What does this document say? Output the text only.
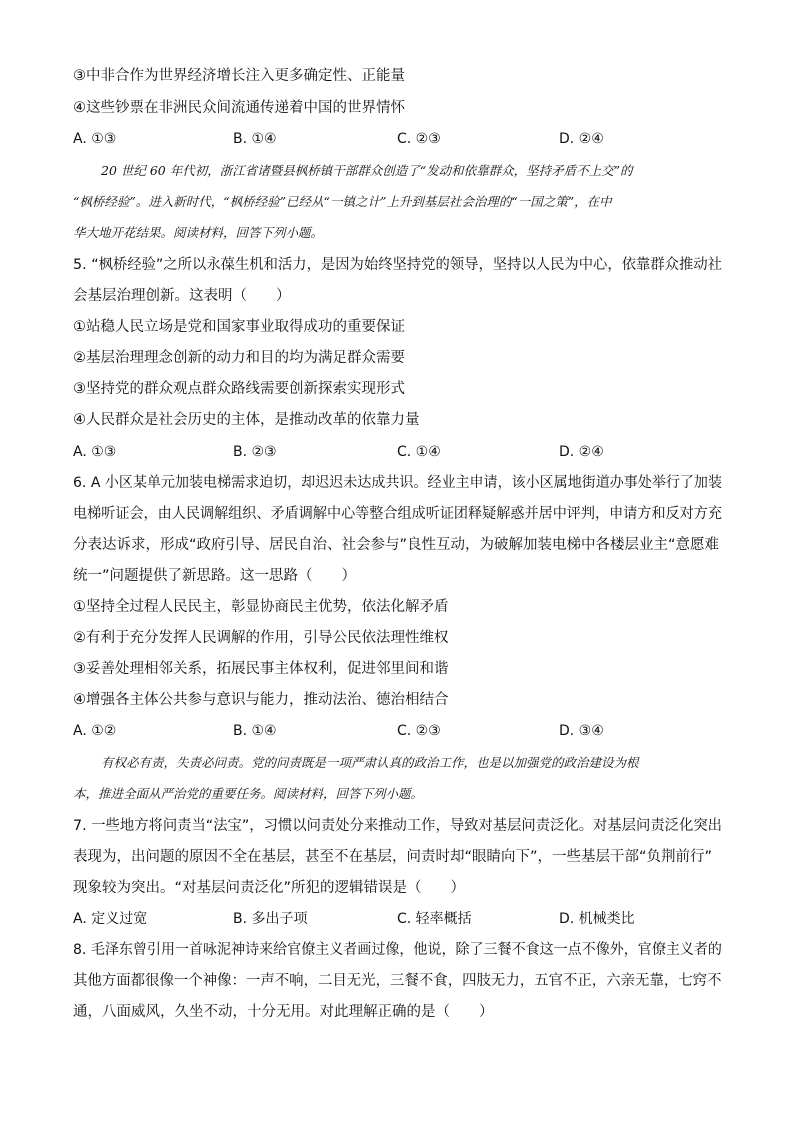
③中非合作为世界经济增长注入更多确定性、正能量
④这些钞票在非洲民众间流通传递着中国的世界情怀
A. ①③	B. ①④	C. ②③	D. ②④
20 世纪 60 年代初，浙江省诸暨县枫桥镇干部群众创造了“发动和依靠群众，坚持矛盾不上交”的
“枫桥经验”。进入新时代，“枫桥经验”已经从“一镇之计”上升到基层社会治理的“一国之策”，在中
华大地开花结果。阅读材料，回答下列小题。
5. “枫桥经验”之所以永葆生机和活力，是因为始终坚持党的领导，坚持以人民为中心，依靠群众推动社
会基层治理创新。这表明（　　）
①站稳人民立场是党和国家事业取得成功的重要保证
②基层治理理念创新的动力和目的均为满足群众需要
③坚持党的群众观点群众路线需要创新探索实现形式
④人民群众是社会历史的主体，是推动改革的依靠力量
A. ①③	B. ②③	C. ①④	D. ②④
6. A 小区某单元加装电梯需求迫切，却迟迟未达成共识。经业主申请，该小区属地街道办事处举行了加装
电梯听证会，由人民调解组织、矛盾调解中心等整合组成听证团释疑解惑并居中评判，申请方和反对方充
分表达诉求，形成“政府引导、居民自治、社会参与”良性互动，为破解加装电梯中各楼层业主“意愿难
统一”问题提供了新思路。这一思路（　　）
①坚持全过程人民民主，彰显协商民主优势，依法化解矛盾
②有利于充分发挥人民调解的作用，引导公民依法理性维权
③妥善处理相邻关系，拓展民事主体权利，促进邻里间和谐
④增强各主体公共参与意识与能力，推动法治、德治相结合
A. ①②	B. ①④	C. ②③	D. ③④
有权必有责，失责必问责。党的问责既是一项严肃认真的政治工作，也是以加强党的政治建设为根
本，推进全面从严治党的重要任务。阅读材料，回答下列小题。
7. 一些地方将问责当“法宝”，习惯以问责处分来推动工作，导致对基层问责泛化。对基层问责泛化突出
表现为，出问题的原因不全在基层，甚至不在基层，问责时却“眼睛向下”，一些基层干部“负荆前行”
现象较为突出。“对基层问责泛化”所犯的逻辑错误是（　　）
A. 定义过宽	B. 多出子项	C. 轻率概括	D. 机械类比
8. 毛泽东曾引用一首咏泥神诗来给官僚主义者画过像，他说，除了三餐不食这一点不像外，官僚主义者的
其他方面都很像一个神像：一声不响，二目无光，三餐不食，四肢无力，五官不正，六亲无靠，七窍不
通，八面威风，久坐不动，十分无用。对此理解正确的是（　　）
